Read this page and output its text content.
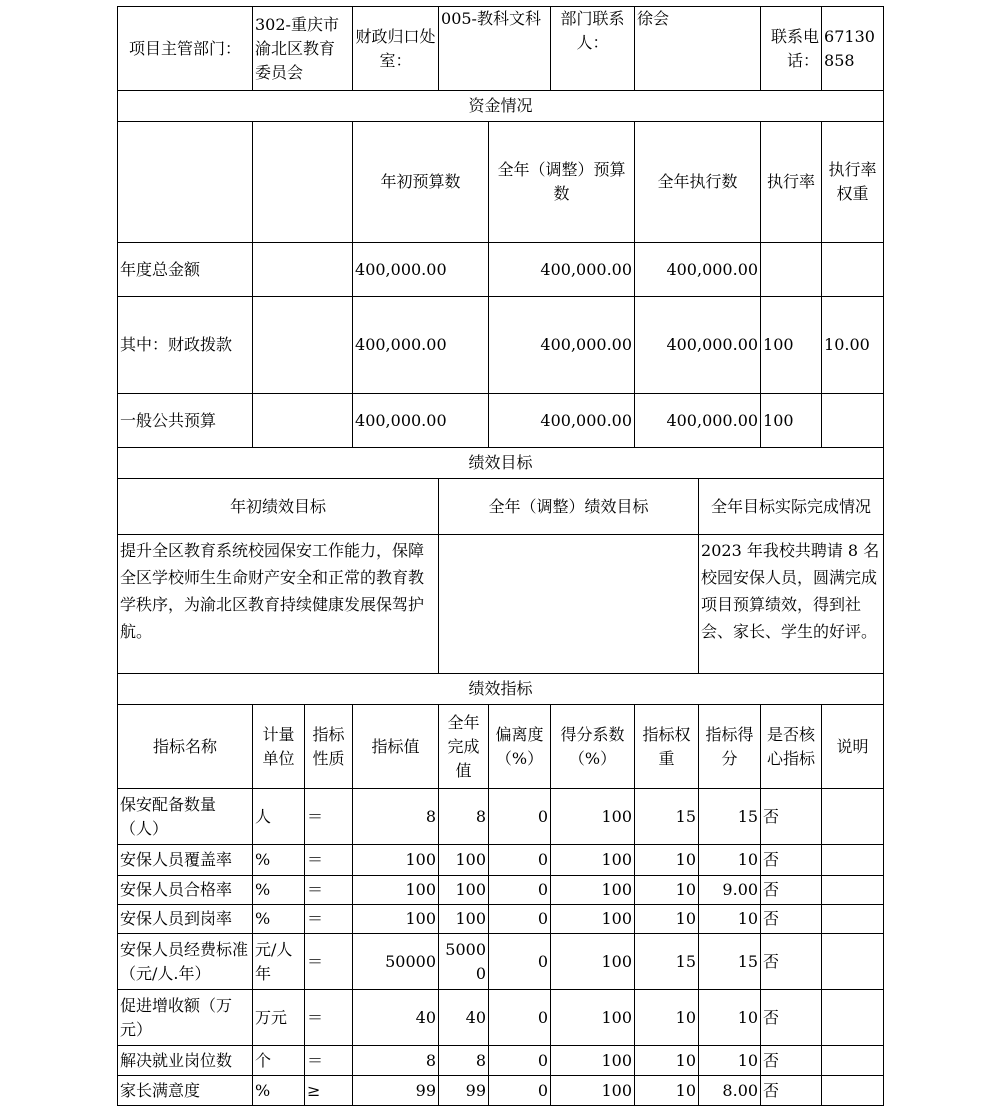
项目主管部门：	302-重庆市渝北区教育委员会		财政归口处室：	005-教科文科		部门联系人：	徐会		联系电话：	67130858	
资金情况											
			年初预算数		全年（调整）预算数		全年执行数		执行率	执行率权重	
年度总金额			400,000.00		400,000.00		400,000.00				
其中：财政拨款			400,000.00		400,000.00		400,000.00		100	10.00	
一般公共预算			400,000.00		400,000.00		400,000.00		100		
绩效目标											
年初绩效目标				全年（调整）绩效目标				全年目标实际完成情况			
提升全区教育系统校园保安工作能力，保障全区学校师生生命财产安全和正常的教育教学秩序，为渝北区教育持续健康发展保驾护航。								2023 年我校共聘请 8 名校园安保人员，圆满完成项目预算绩效，得到社会、家长、学生的好评。			
绩效指标											
指标名称	计量单位	指标性质	指标值	全年完成值	偏离度（%）	得分系数（%）	指标权重	指标得分	是否核心指标	说明	
保安配备数量（人）	人	＝	8	8	0	100	15	15	否		
安保人员覆盖率	%	＝	100	100	0	100	10	10	否		
安保人员合格率	%	＝	100	100	0	100	10	9.00	否		
安保人员到岗率	%	＝	100	100	0	100	10	10	否		
安保人员经费标准（元/人.年）	元/人年	＝	50000	50000	0	100	15	15	否		
促进增收额（万元）	万元	＝	40	40	0	100	10	10	否		
解决就业岗位数	个	＝	8	8	0	100	10	10	否		
家长满意度	%	≥	99	99	0	100	10	8.00	否		
